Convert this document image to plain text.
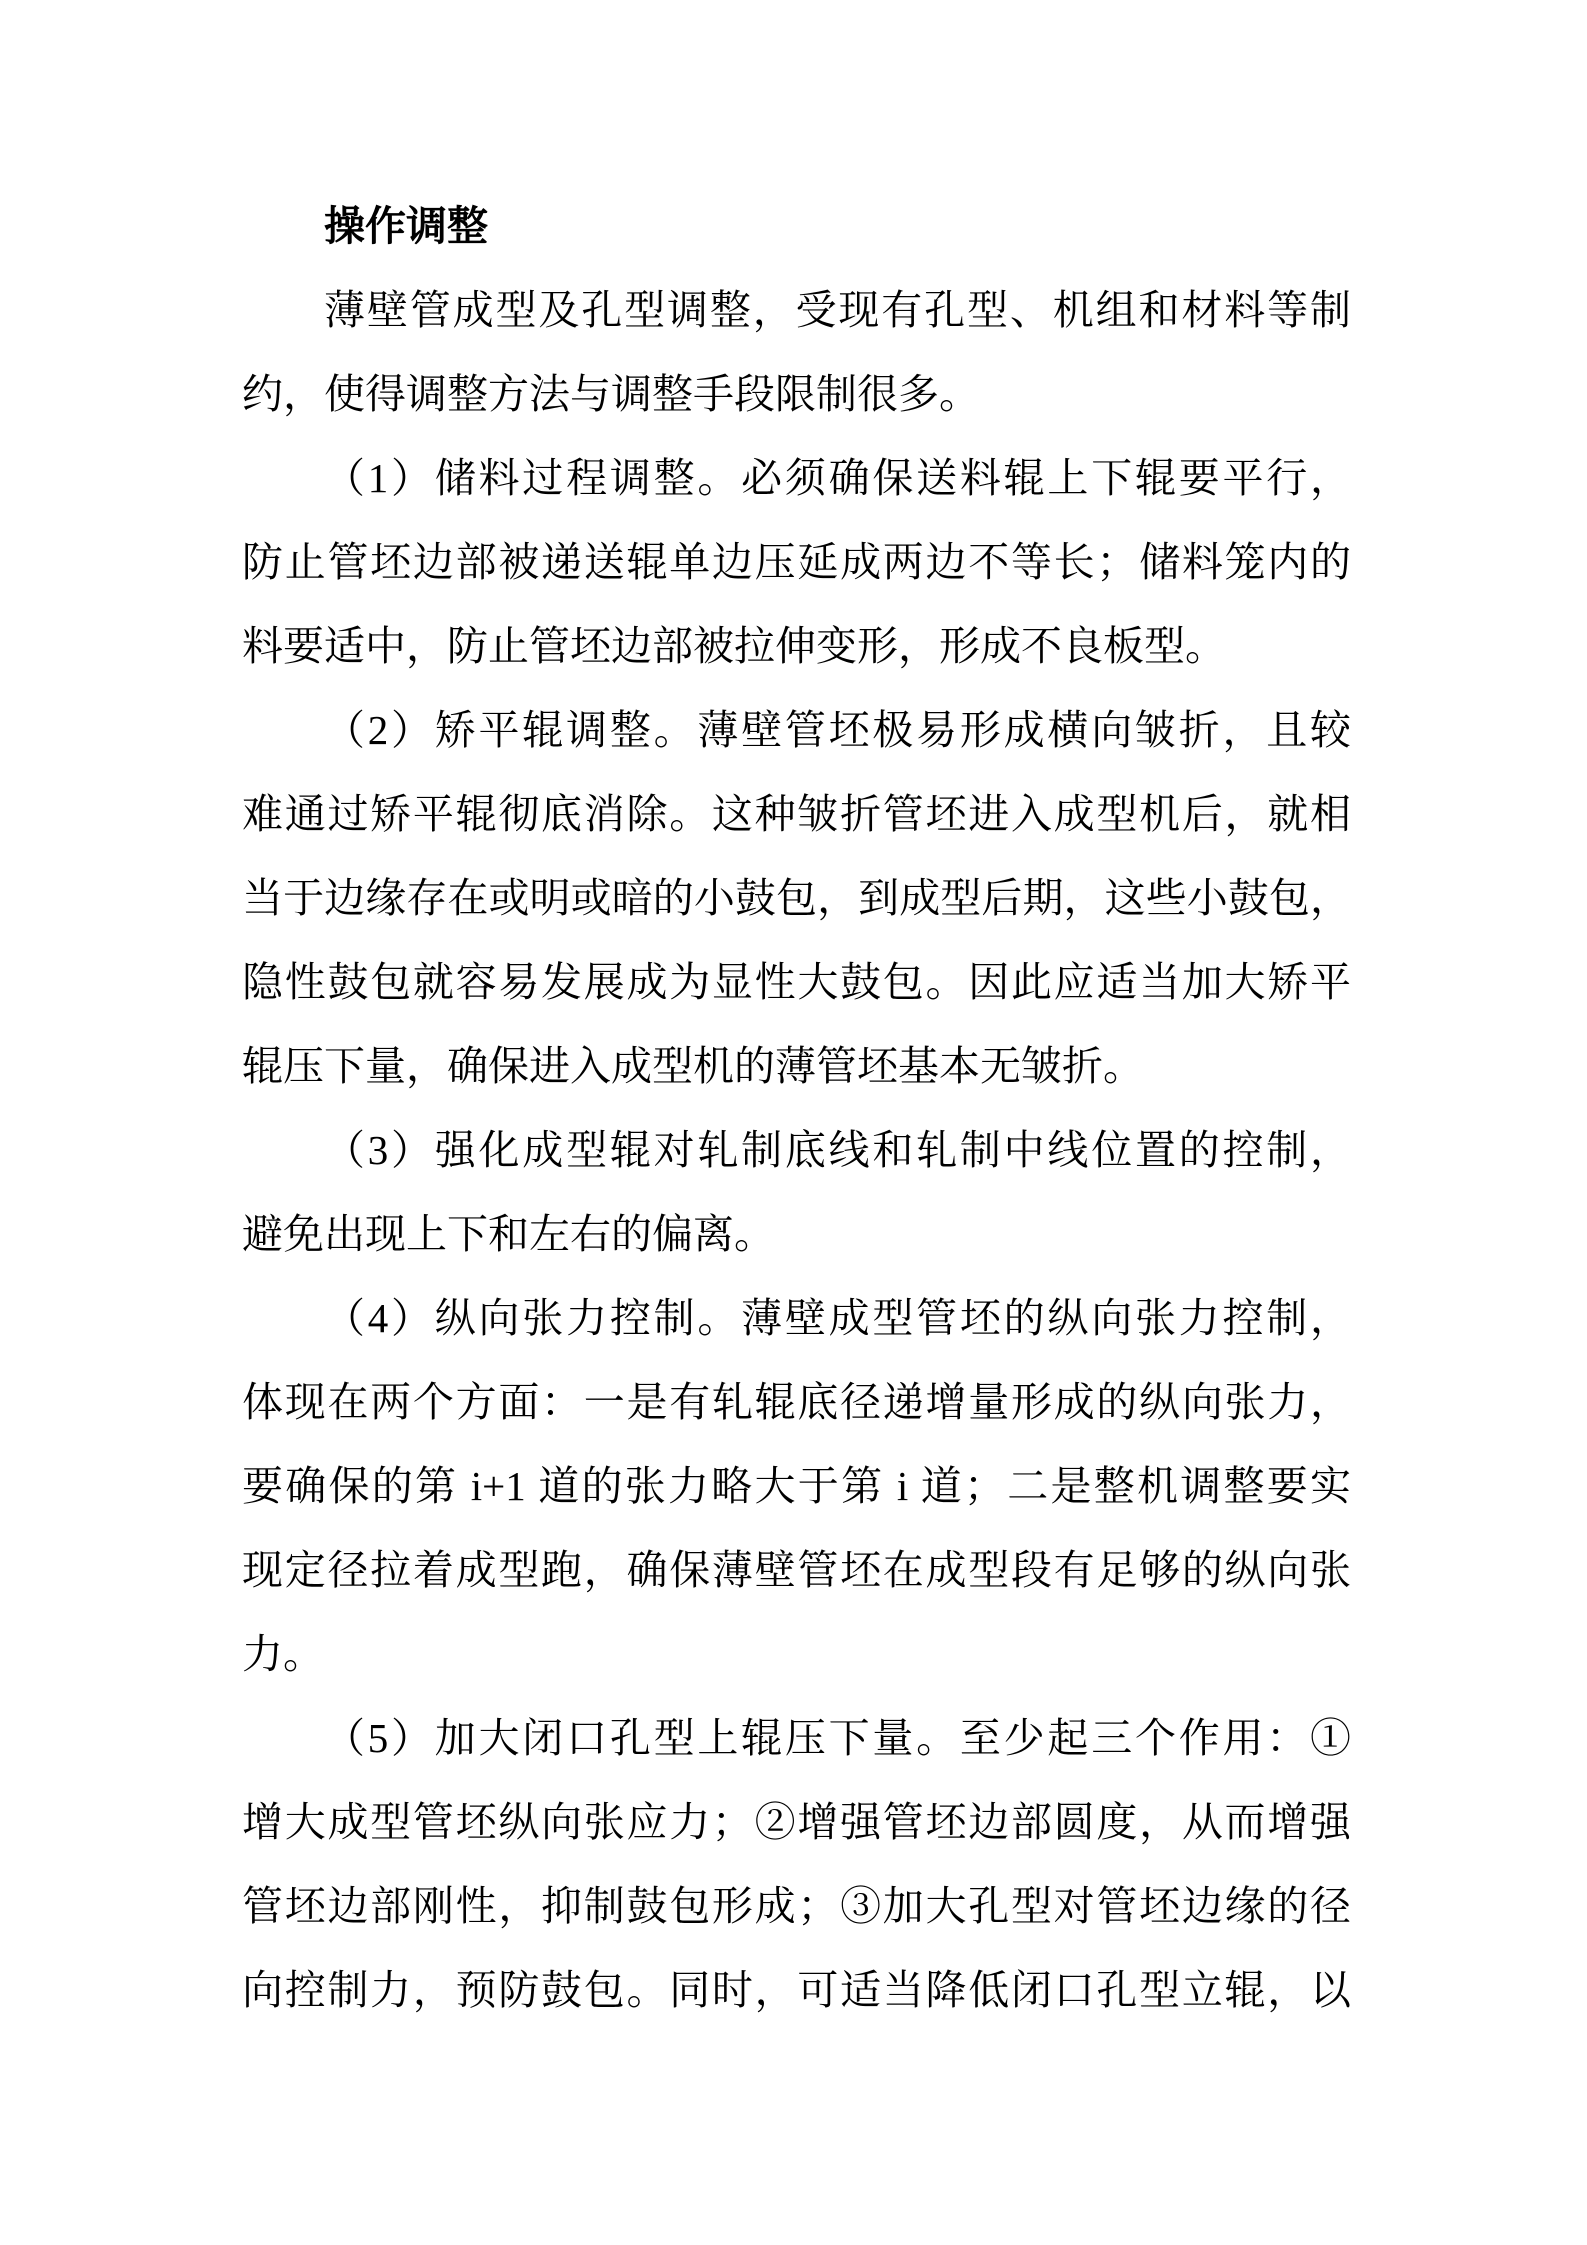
操作调整
薄壁管成型及孔型调整，受现有孔型、机组和材料等制
约，使得调整方法与调整手段限制很多。
（1）储料过程调整。必须确保送料辊上下辊要平行，
防止管坯边部被递送辊单边压延成两边不等长；储料笼内的
料要适中，防止管坯边部被拉伸变形，形成不良板型。
（2）矫平辊调整。薄壁管坯极易形成横向皱折，且较
难通过矫平辊彻底消除。这种皱折管坯进入成型机后，就相
当于边缘存在或明或暗的小鼓包，到成型后期，这些小鼓包，
隐性鼓包就容易发展成为显性大鼓包。因此应适当加大矫平
辊压下量，确保进入成型机的薄管坯基本无皱折。
（3）强化成型辊对轧制底线和轧制中线位置的控制，
避免出现上下和左右的偏离。
（4）纵向张力控制。薄壁成型管坯的纵向张力控制，
体现在两个方面：一是有轧辊底径递增量形成的纵向张力，
要确保的第 i+1 道的张力略大于第 i 道；二是整机调整要实
现定径拉着成型跑，确保薄壁管坯在成型段有足够的纵向张
力。
（5）加大闭口孔型上辊压下量。至少起三个作用：①
增大成型管坯纵向张应力；②增强管坯边部圆度，从而增强
管坯边部刚性，抑制鼓包形成；③加大孔型对管坯边缘的径
向控制力，预防鼓包。同时，可适当降低闭口孔型立辊，以
